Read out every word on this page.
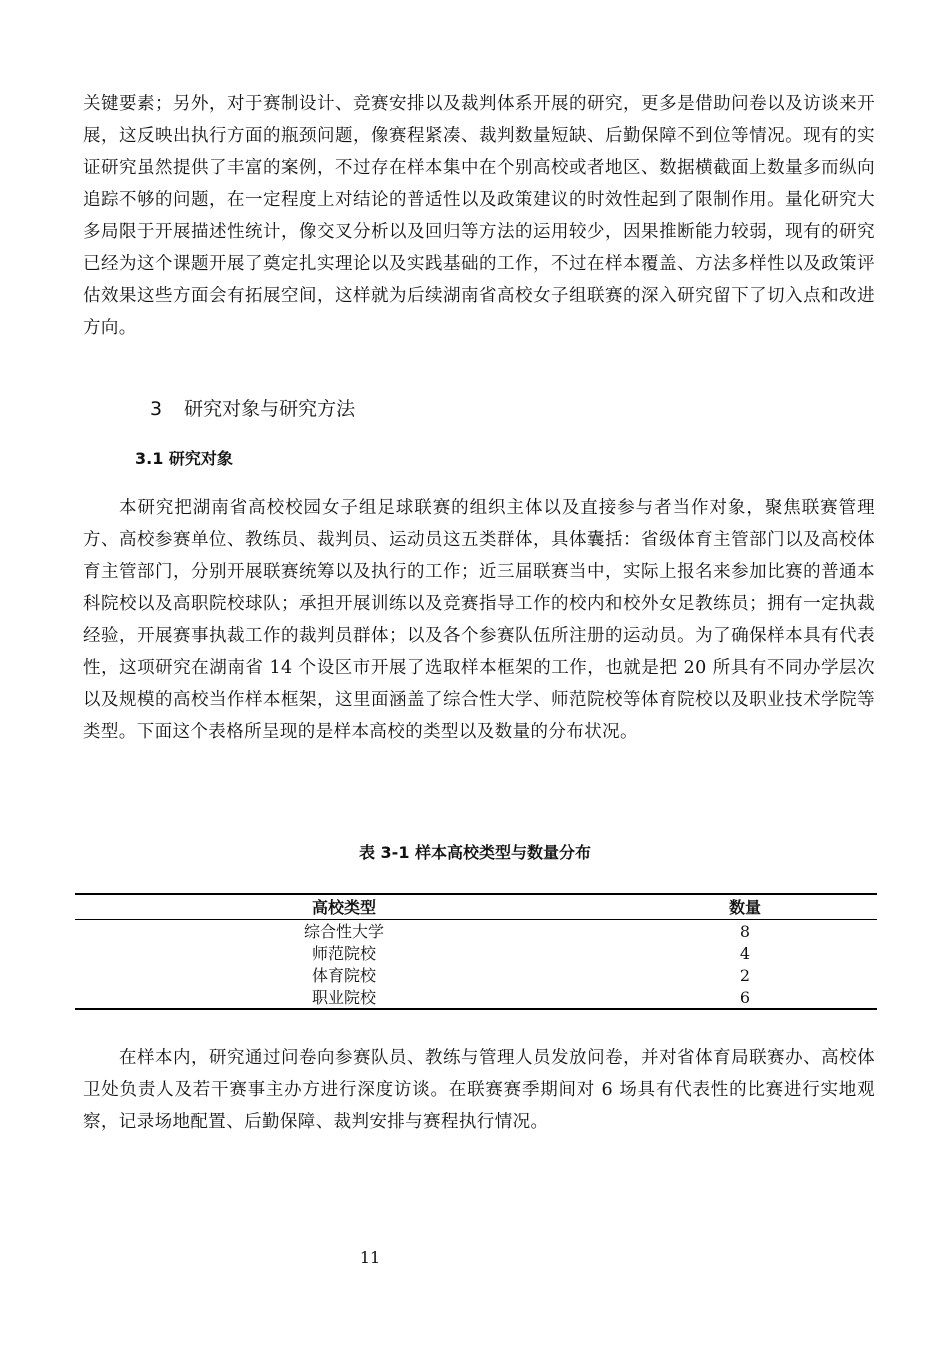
关键要素；另外，对于赛制设计、竞赛安排以及裁判体系开展的研究，更多是借助问卷以及访谈来开展，这反映出执行方面的瓶颈问题，像赛程紧凑、裁判数量短缺、后勤保障不到位等情况。现有的实证研究虽然提供了丰富的案例，不过存在样本集中在个别高校或者地区、数据横截面上数量多而纵向追踪不够的问题，在一定程度上对结论的普适性以及政策建议的时效性起到了限制作用。量化研究大多局限于开展描述性统计，像交叉分析以及回归等方法的运用较少，因果推断能力较弱，现有的研究已经为这个课题开展了奠定扎实理论以及实践基础的工作，不过在样本覆盖、方法多样性以及政策评估效果这些方面会有拓展空间，这样就为后续湖南省高校女子组联赛的深入研究留下了切入点和改进方向。

3 研究对象与研究方法
3.1 研究对象

本研究把湖南省高校校园女子组足球联赛的组织主体以及直接参与者当作对象，聚焦联赛管理方、高校参赛单位、教练员、裁判员、运动员这五类群体，具体囊括：省级体育主管部门以及高校体育主管部门，分别开展联赛统筹以及执行的工作；近三届联赛当中，实际上报名来参加比赛的普通本科院校以及高职院校球队；承担开展训练以及竞赛指导工作的校内和校外女足教练员；拥有一定执裁经验，开展赛事执裁工作的裁判员群体；以及各个参赛队伍所注册的运动员。为了确保样本具有代表性，这项研究在湖南省 14 个设区市开展了选取样本框架的工作，也就是把 20 所具有不同办学层次以及规模的高校当作样本框架，这里面涵盖了综合性大学、师范院校等体育院校以及职业技术学院等类型。下面这个表格所呈现的是样本高校的类型以及数量的分布状况。

表 3-1 样本高校类型与数量分布
高校类型	数量
综合性大学	8
师范院校	4
体育院校	2
职业院校	6

在样本内，研究通过问卷向参赛队员、教练与管理人员发放问卷，并对省体育局联赛办、高校体卫处负责人及若干赛事主办方进行深度访谈。在联赛赛季期间对 6 场具有代表性的比赛进行实地观察，记录场地配置、后勤保障、裁判安排与赛程执行情况。

11
